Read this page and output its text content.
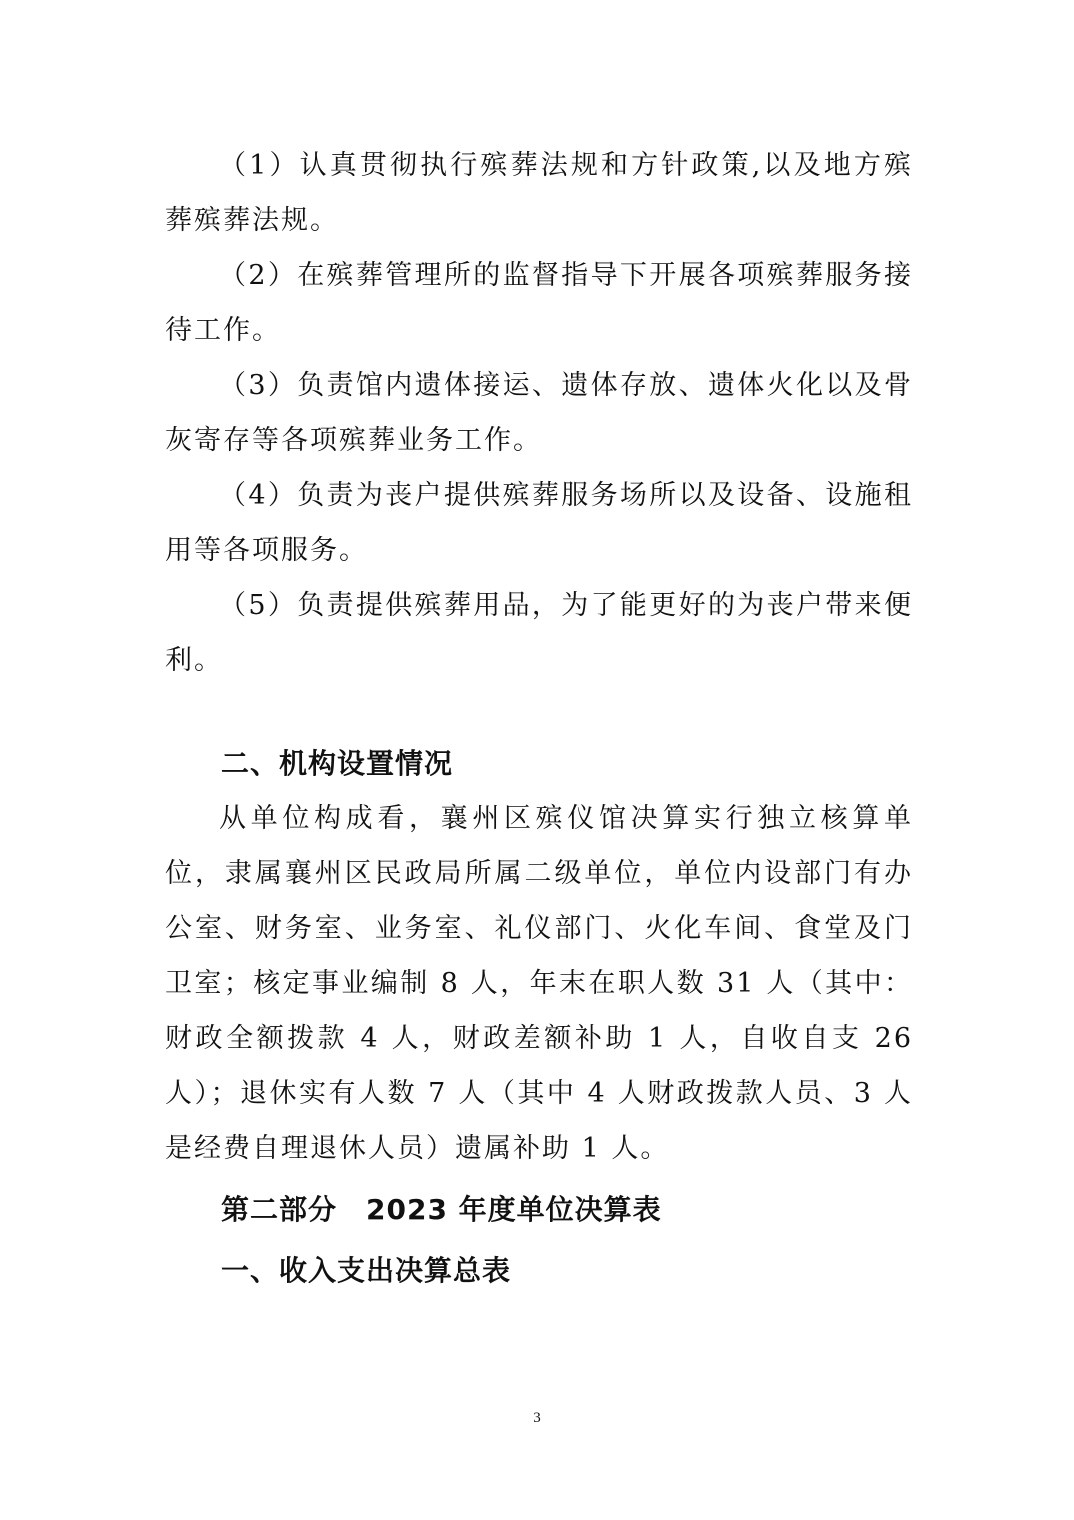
（1）认真贯彻执行殡葬法规和方针政策,以及地方殡葬殡葬法规。

（2）在殡葬管理所的监督指导下开展各项殡葬服务接待工作。

（3）负责馆内遗体接运、遗体存放、遗体火化以及骨灰寄存等各项殡葬业务工作。

（4）负责为丧户提供殡葬服务场所以及设备、设施租用等各项服务。

（5）负责提供殡葬用品，为了能更好的为丧户带来便利。

二、机构设置情况

从单位构成看，襄州区殡仪馆决算实行独立核算单位，隶属襄州区民政局所属二级单位，单位内设部门有办公室、财务室、业务室、礼仪部门、火化车间、食堂及门卫室；核定事业编制 8 人，年末在职人数 31 人（其中：财政全额拨款 4 人，财政差额补助 1 人，自收自支 26 人）；退休实有人数 7 人（其中 4 人财政拨款人员、3 人是经费自理退休人员）遗属补助 1 人。

第二部分　2023 年度单位决算表

一、收入支出决算总表

3
